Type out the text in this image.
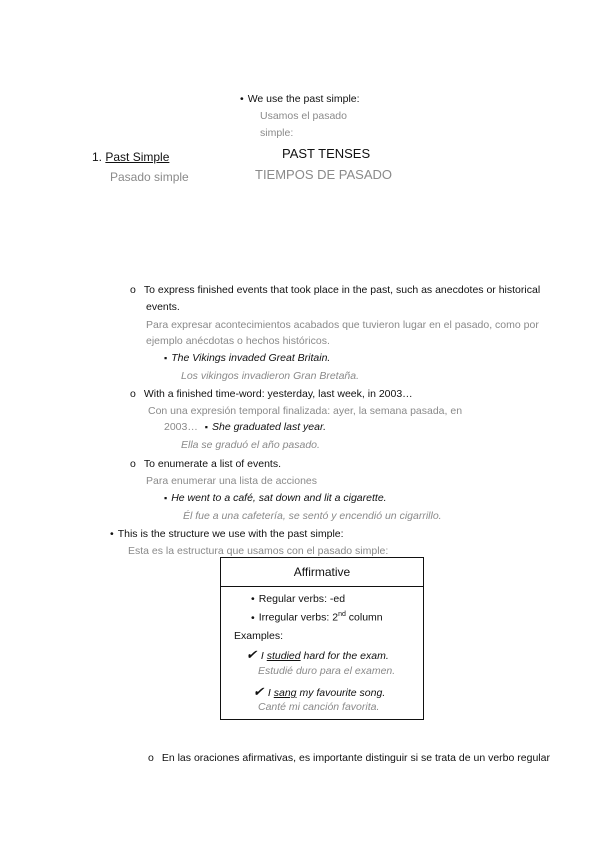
• We use the past simple:
Usamos el pasado
simple:
1. Past Simple
Pasado simple
PAST TENSES
TIEMPOS DE PASADO
o To express finished events that took place in the past, such as anecdotes or historical
events.
Para expresar acontecimientos acabados que tuvieron lugar en el pasado, como por
ejemplo anécdotas o hechos históricos.
▪ The Vikings invaded Great Britain.
Los vikingos invadieron Gran Bretaña.
o With a finished time-word: yesterday, last week, in 2003…
Con una expresión temporal finalizada: ayer, la semana pasada, en
2003… ▪ She graduated last year.
Ella se graduó el año pasado.
o To enumerate a list of events.
Para enumerar una lista de acciones
▪ He went to a café, sat down and lit a cigarette.
Él fue a una cafetería, se sentó y encendió un cigarrillo.
• This is the structure we use with the past simple:
Esta es la estructura que usamos con el pasado simple:
Affirmative
• Regular verbs: -ed
• Irregular verbs: 2nd column
Examples:
✔ I studied hard for the exam.
Estudié duro para el examen.
✔ I sang my favourite song.
Canté mi canción favorita.
o En las oraciones afirmativas, es importante distinguir si se trata de un verbo regular
